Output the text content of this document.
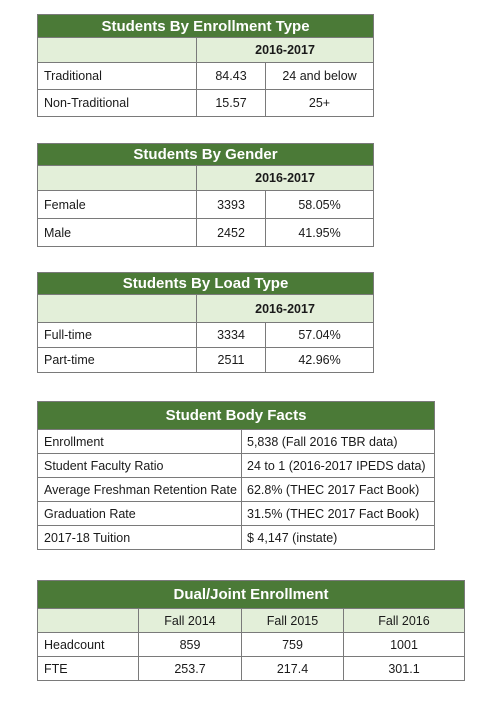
Students By Enrollment Type		
	2016-2017	
Traditional	84.43	24 and below
Non-Traditional	15.57	25+
Students By Gender		
	2016-2017	
Female	3393	58.05%
Male	2452	41.95%
Students By Load Type		
	2016-2017	
Full-time	3334	57.04%
Part-time	2511	42.96%
Student Body Facts	
Enrollment	5,838 (Fall 2016 TBR data)
Student Faculty Ratio	24 to 1 (2016-2017 IPEDS data)
Average Freshman Retention Rate	62.8% (THEC 2017 Fact Book)
Graduation Rate	31.5% (THEC 2017 Fact Book)
2017-18 Tuition	$ 4,147 (instate)
Dual/Joint Enrollment			
	Fall 2014	Fall 2015	Fall 2016
Headcount	859	759	1001
FTE	253.7	217.4	301.1
